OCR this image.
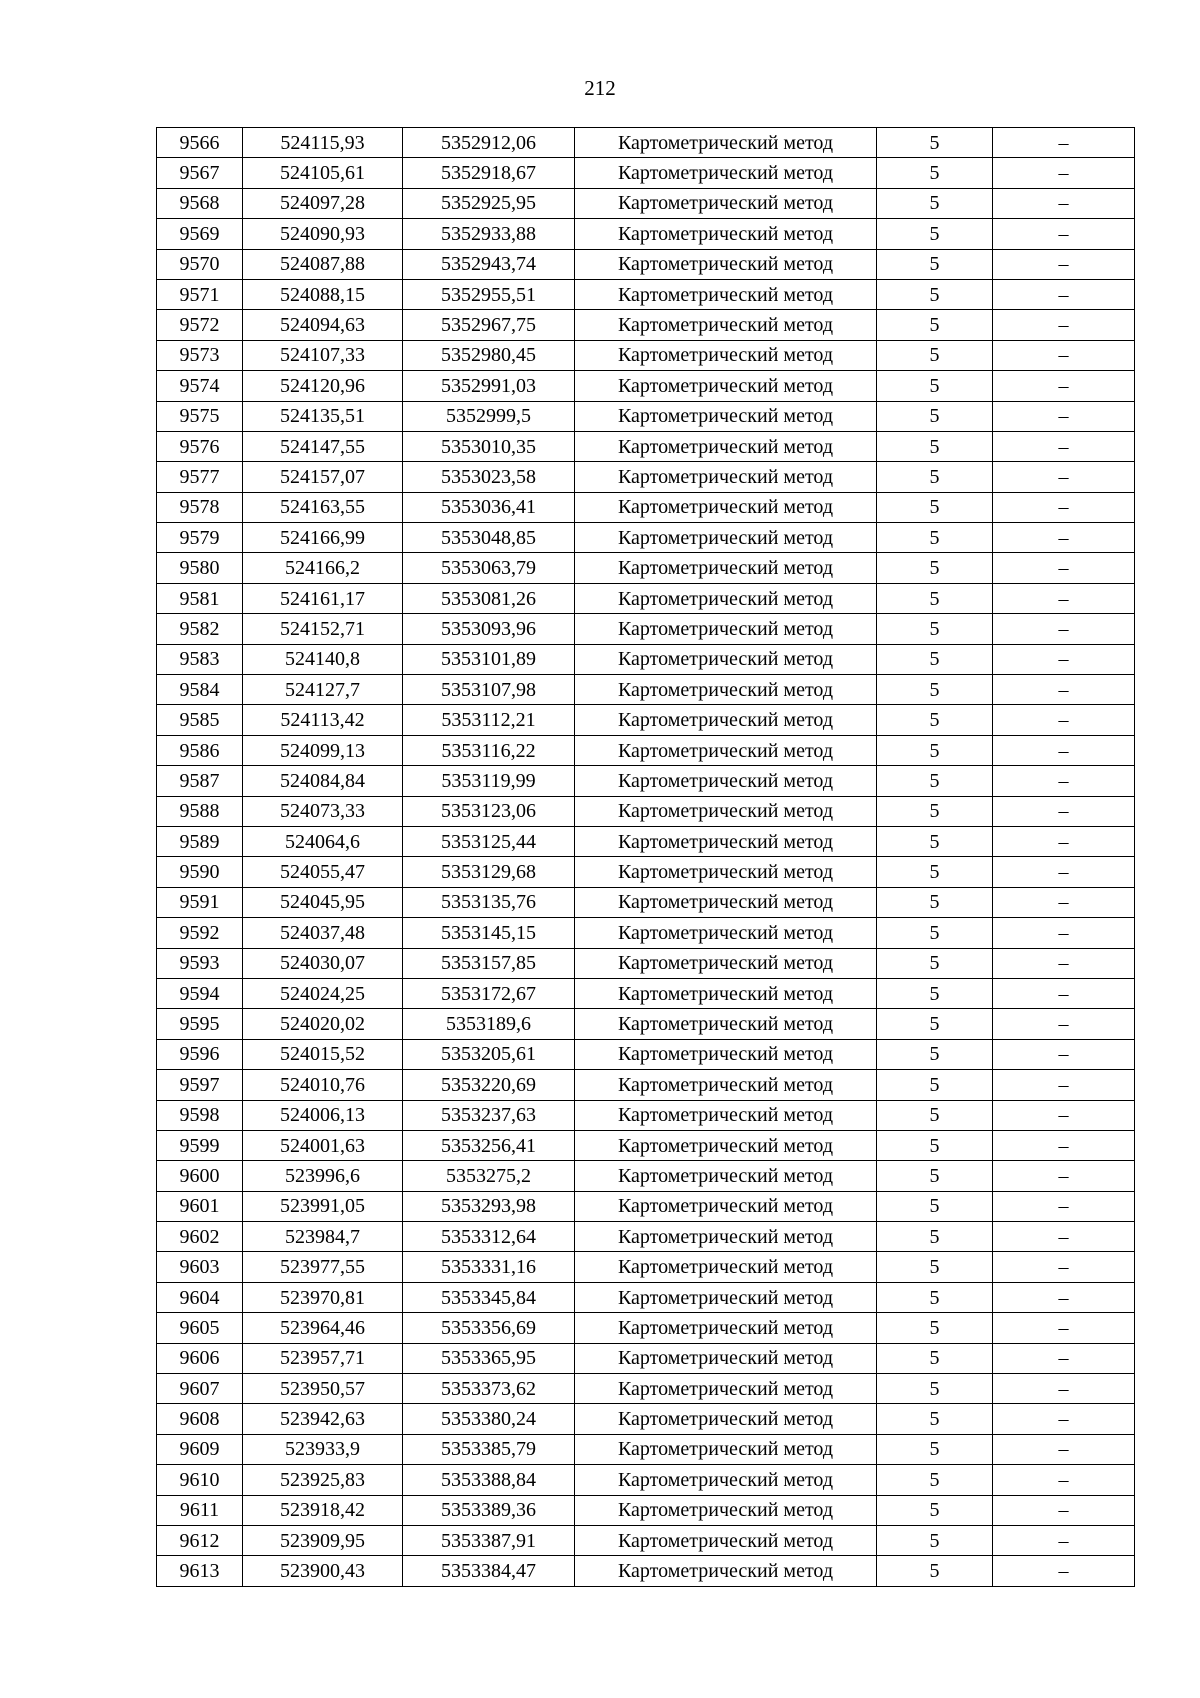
212
9566	524115,93	5352912,06	Картометрический метод	5	–
9567	524105,61	5352918,67	Картометрический метод	5	–
9568	524097,28	5352925,95	Картометрический метод	5	–
9569	524090,93	5352933,88	Картометрический метод	5	–
9570	524087,88	5352943,74	Картометрический метод	5	–
9571	524088,15	5352955,51	Картометрический метод	5	–
9572	524094,63	5352967,75	Картометрический метод	5	–
9573	524107,33	5352980,45	Картометрический метод	5	–
9574	524120,96	5352991,03	Картометрический метод	5	–
9575	524135,51	5352999,5	Картометрический метод	5	–
9576	524147,55	5353010,35	Картометрический метод	5	–
9577	524157,07	5353023,58	Картометрический метод	5	–
9578	524163,55	5353036,41	Картометрический метод	5	–
9579	524166,99	5353048,85	Картометрический метод	5	–
9580	524166,2	5353063,79	Картометрический метод	5	–
9581	524161,17	5353081,26	Картометрический метод	5	–
9582	524152,71	5353093,96	Картометрический метод	5	–
9583	524140,8	5353101,89	Картометрический метод	5	–
9584	524127,7	5353107,98	Картометрический метод	5	–
9585	524113,42	5353112,21	Картометрический метод	5	–
9586	524099,13	5353116,22	Картометрический метод	5	–
9587	524084,84	5353119,99	Картометрический метод	5	–
9588	524073,33	5353123,06	Картометрический метод	5	–
9589	524064,6	5353125,44	Картометрический метод	5	–
9590	524055,47	5353129,68	Картометрический метод	5	–
9591	524045,95	5353135,76	Картометрический метод	5	–
9592	524037,48	5353145,15	Картометрический метод	5	–
9593	524030,07	5353157,85	Картометрический метод	5	–
9594	524024,25	5353172,67	Картометрический метод	5	–
9595	524020,02	5353189,6	Картометрический метод	5	–
9596	524015,52	5353205,61	Картометрический метод	5	–
9597	524010,76	5353220,69	Картометрический метод	5	–
9598	524006,13	5353237,63	Картометрический метод	5	–
9599	524001,63	5353256,41	Картометрический метод	5	–
9600	523996,6	5353275,2	Картометрический метод	5	–
9601	523991,05	5353293,98	Картометрический метод	5	–
9602	523984,7	5353312,64	Картометрический метод	5	–
9603	523977,55	5353331,16	Картометрический метод	5	–
9604	523970,81	5353345,84	Картометрический метод	5	–
9605	523964,46	5353356,69	Картометрический метод	5	–
9606	523957,71	5353365,95	Картометрический метод	5	–
9607	523950,57	5353373,62	Картометрический метод	5	–
9608	523942,63	5353380,24	Картометрический метод	5	–
9609	523933,9	5353385,79	Картометрический метод	5	–
9610	523925,83	5353388,84	Картометрический метод	5	–
9611	523918,42	5353389,36	Картометрический метод	5	–
9612	523909,95	5353387,91	Картометрический метод	5	–
9613	523900,43	5353384,47	Картометрический метод	5	–
